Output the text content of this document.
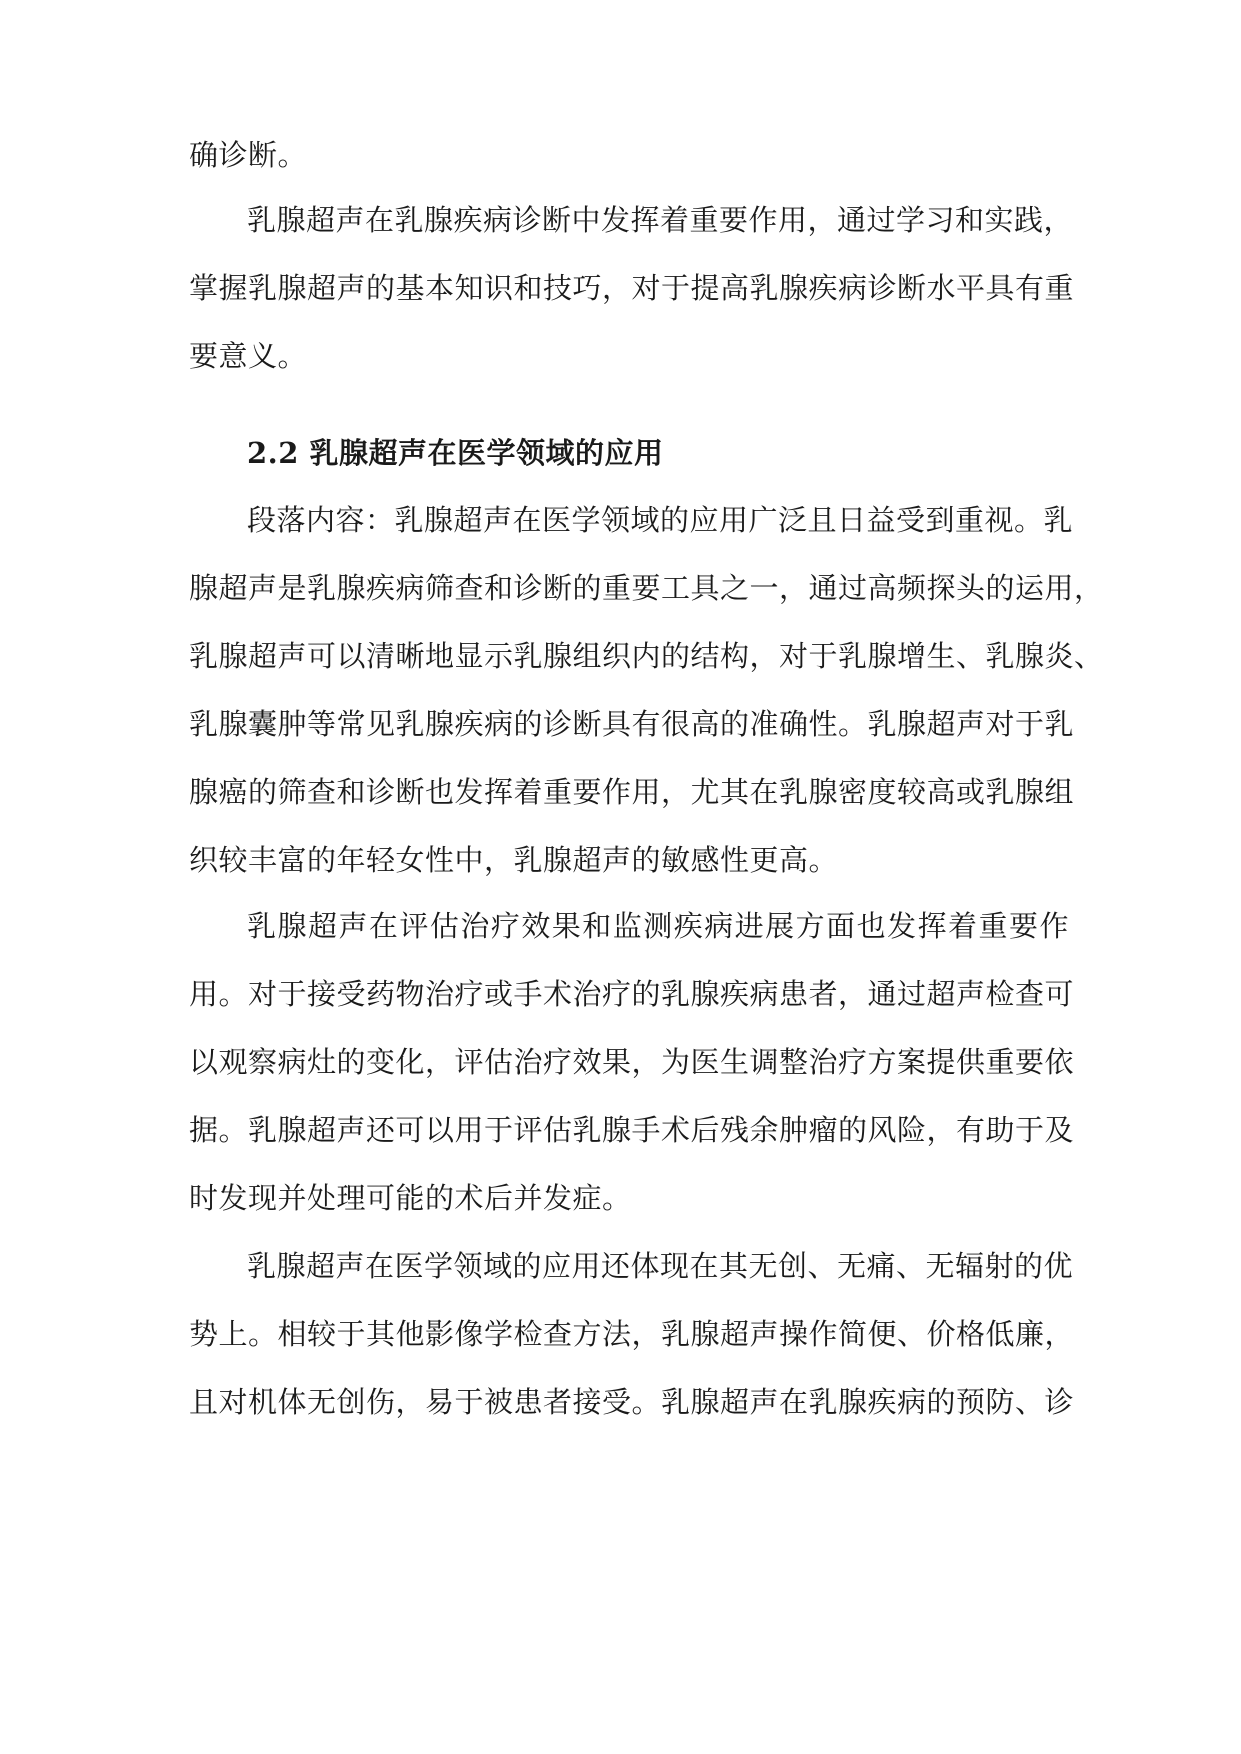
确诊断。
乳腺超声在乳腺疾病诊断中发挥着重要作用，通过学习和实践，
掌握乳腺超声的基本知识和技巧，对于提高乳腺疾病诊断水平具有重
要意义。
2.2 乳腺超声在医学领域的应用
段落内容：乳腺超声在医学领域的应用广泛且日益受到重视。乳
腺超声是乳腺疾病筛查和诊断的重要工具之一，通过高频探头的运用，
乳腺超声可以清晰地显示乳腺组织内的结构，对于乳腺增生、乳腺炎、
乳腺囊肿等常见乳腺疾病的诊断具有很高的准确性。乳腺超声对于乳
腺癌的筛查和诊断也发挥着重要作用，尤其在乳腺密度较高或乳腺组
织较丰富的年轻女性中，乳腺超声的敏感性更高。
乳腺超声在评估治疗效果和监测疾病进展方面也发挥着重要作
用。对于接受药物治疗或手术治疗的乳腺疾病患者，通过超声检查可
以观察病灶的变化，评估治疗效果，为医生调整治疗方案提供重要依
据。乳腺超声还可以用于评估乳腺手术后残余肿瘤的风险，有助于及
时发现并处理可能的术后并发症。
乳腺超声在医学领域的应用还体现在其无创、无痛、无辐射的优
势上。相较于其他影像学检查方法，乳腺超声操作简便、价格低廉，
且对机体无创伤，易于被患者接受。乳腺超声在乳腺疾病的预防、诊
